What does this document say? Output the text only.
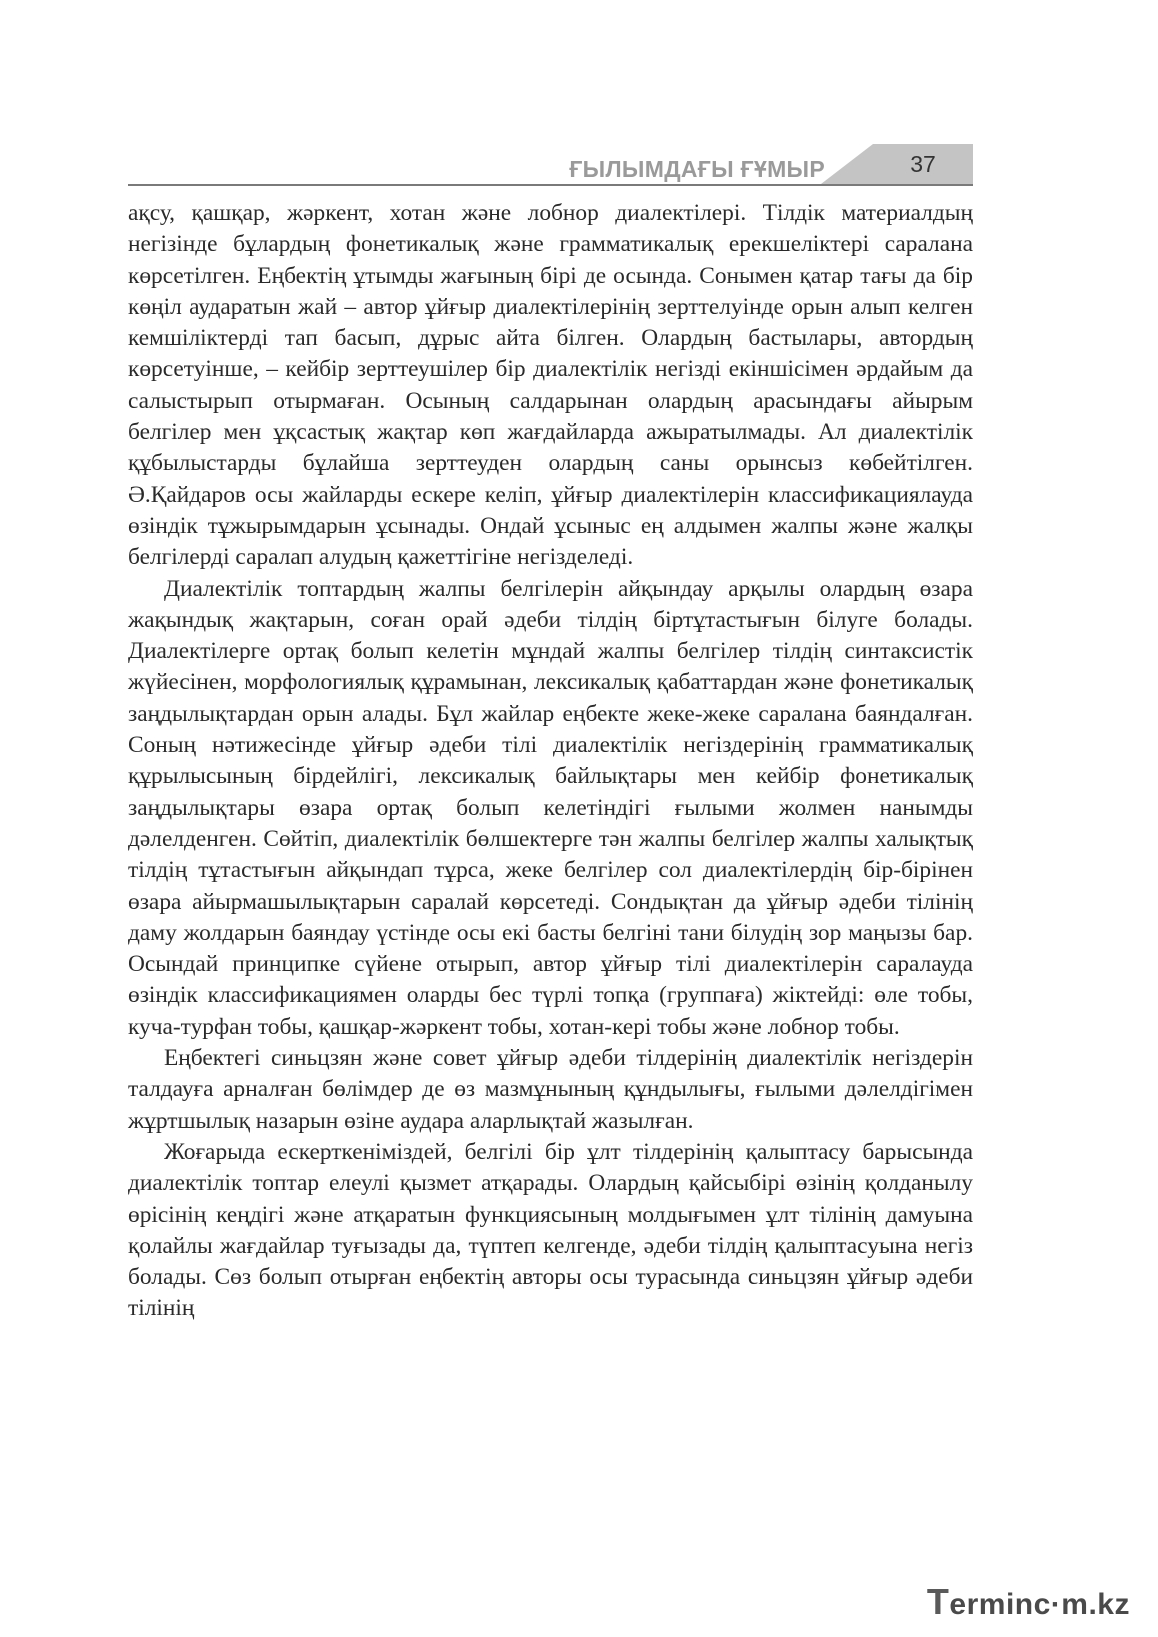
ҒЫЛЫМДАҒЫ ҒҰМЫР	37

ақсу, қашқар, жәркент, хотан және лобнор диалектілері. Тілдік материалдың негізінде бұлардың фонетикалық және грамматикалық ерекшеліктері саралана көрсетілген. Еңбектің ұтымды жағының бірі де осында. Сонымен қатар тағы да бір көңіл аударатын жай – автор ұйғыр диалектілерінің зерттелуінде орын алып келген кемшіліктерді тап басып, дұрыс айта білген. Олардың бастылары, автордың көрсетуінше, – кейбір зерттеушілер бір диалектілік негізді екіншісімен әрдайым да салыстырып отырмаған. Осының салдарынан олардың арасындағы айырым белгілер мен ұқсастық жақтар көп жағдайларда ажыратылмады. Ал диалектілік құбылыстарды бұлайша зерттеуден олардың саны орынсыз көбейтілген. Ә.Қайдаров осы жайларды ескере келіп, ұйғыр диалектілерін классификациялауда өзіндік тұжырымдарын ұсынады. Ондай ұсыныс ең алдымен жалпы және жалқы белгілерді саралап алудың қажеттігіне негізделеді.

Диалектілік топтардың жалпы белгілерін айқындау арқылы олардың өзара жақындық жақтарын, соған орай әдеби тілдің біртұтастығын білуге болады. Диалектілерге ортақ болып келетін мұндай жалпы белгілер тілдің синтаксистік жүйесінен, морфологиялық құрамынан, лексикалық қабаттардан және фонетикалық заңдылықтардан орын алады. Бұл жайлар еңбекте жеке-жеке саралана баяндалған. Соның нәтижесінде ұйғыр әдеби тілі диалектілік негіздерінің грамматикалық құрылысының бірдейлігі, лексикалық байлықтары мен кейбір фонетикалық заңдылықтары өзара ортақ болып келетіндігі ғылыми жолмен нанымды дәлелденген. Сөйтіп, диалектілік бөлшектерге тән жалпы белгілер жалпы халықтық тілдің тұтастығын айқындап тұрса, жеке белгілер сол диалектілердің бір-бірінен өзара айырмашылықтарын саралай көрсетеді. Сондықтан да ұйғыр әдеби тілінің даму жолдарын баяндау үстінде осы екі басты белгіні тани білудің зор маңызы бар. Осындай принципке сүйене отырып, автор ұйғыр тілі диалектілерін саралауда өзіндік классификациямен оларды бес түрлі топқа (группаға) жіктейді: өле тобы, куча-турфан тобы, қашқар-жәркент тобы, хотан-кері тобы және лобнор тобы.

Еңбектегі синьцзян және совет ұйғыр әдеби тілдерінің диалектілік негіздерін талдауға арналған бөлімдер де өз мазмұнының құндылығы, ғылыми дәлелдігімен жұртшылық назарын өзіне аудара аларлықтай жазылған.

Жоғарыда ескерткеніміздей, белгілі бір ұлт тілдерінің қалыптасу барысында диалектілік топтар елеулі қызмет атқарады. Олардың қайсыбірі өзінің қолданылу өрісінің кеңдігі және атқаратын функциясының молдығымен ұлт тілінің дамуына қолайлы жағдайлар туғызады да, түптеп келгенде, әдеби тілдің қалыптасуына негіз болады. Сөз болып отырған еңбектің авторы осы турасында синьцзян ұйғыр әдеби тілінің

Terminc·m.kz
